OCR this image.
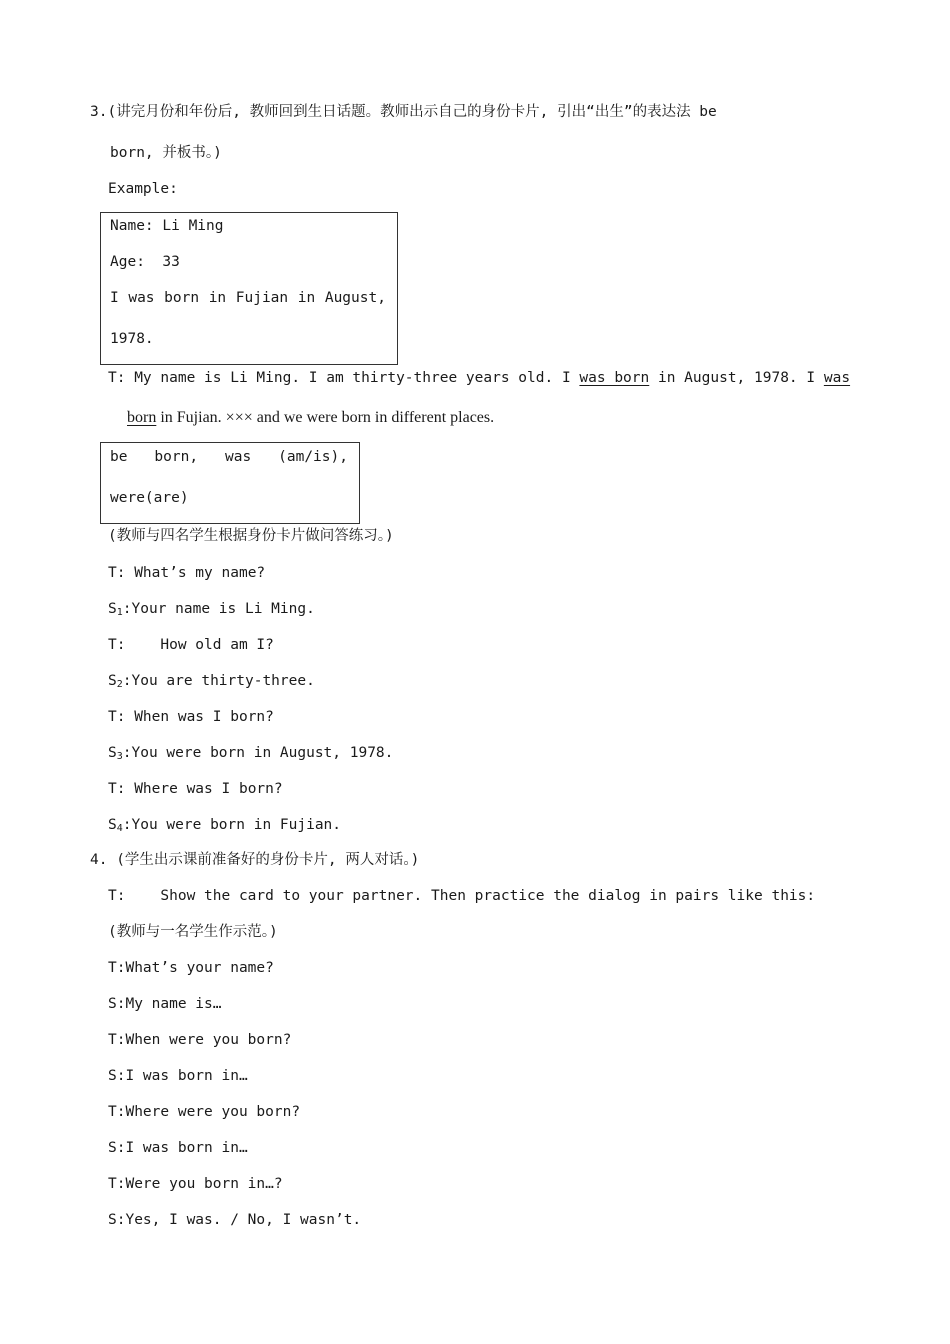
3.(讲完月份和年份后, 教师回到生日话题。教师出示自己的身份卡片, 引出“出生”的表达法 be
born, 并板书。)
Example:
Name: Li Ming
Age:  33
I was born in Fujian in August,
1978.
T: My name is Li Ming. I am thirty-three years old. I was born in August, 1978. I was
born in Fujian. ××× and we were born in different places.
be born, was (am/is),
were(are)
(教师与四名学生根据身份卡片做问答练习。)
T: What’s my name?
$S_1:Your$ name is Li Ming.
T:    How old am I?
$S_2:You$ are thirty-three.
T: When was I born?
$S_3:You$ were born in August, 1978.
T: Where was I born?
$S_4:You$ were born in Fujian.
4. (学生出示课前准备好的身份卡片, 两人对话。)
T:    Show the card to your partner. Then practice the dialog in pairs like this:
(教师与一名学生作示范。)
T:What’s your name?
S:My name is…
T:When were you born?
S:I was born in…
T:Where were you born?
S:I was born in…
T:Were you born in…?
S:Yes, I was. / No, I wasn’t.
